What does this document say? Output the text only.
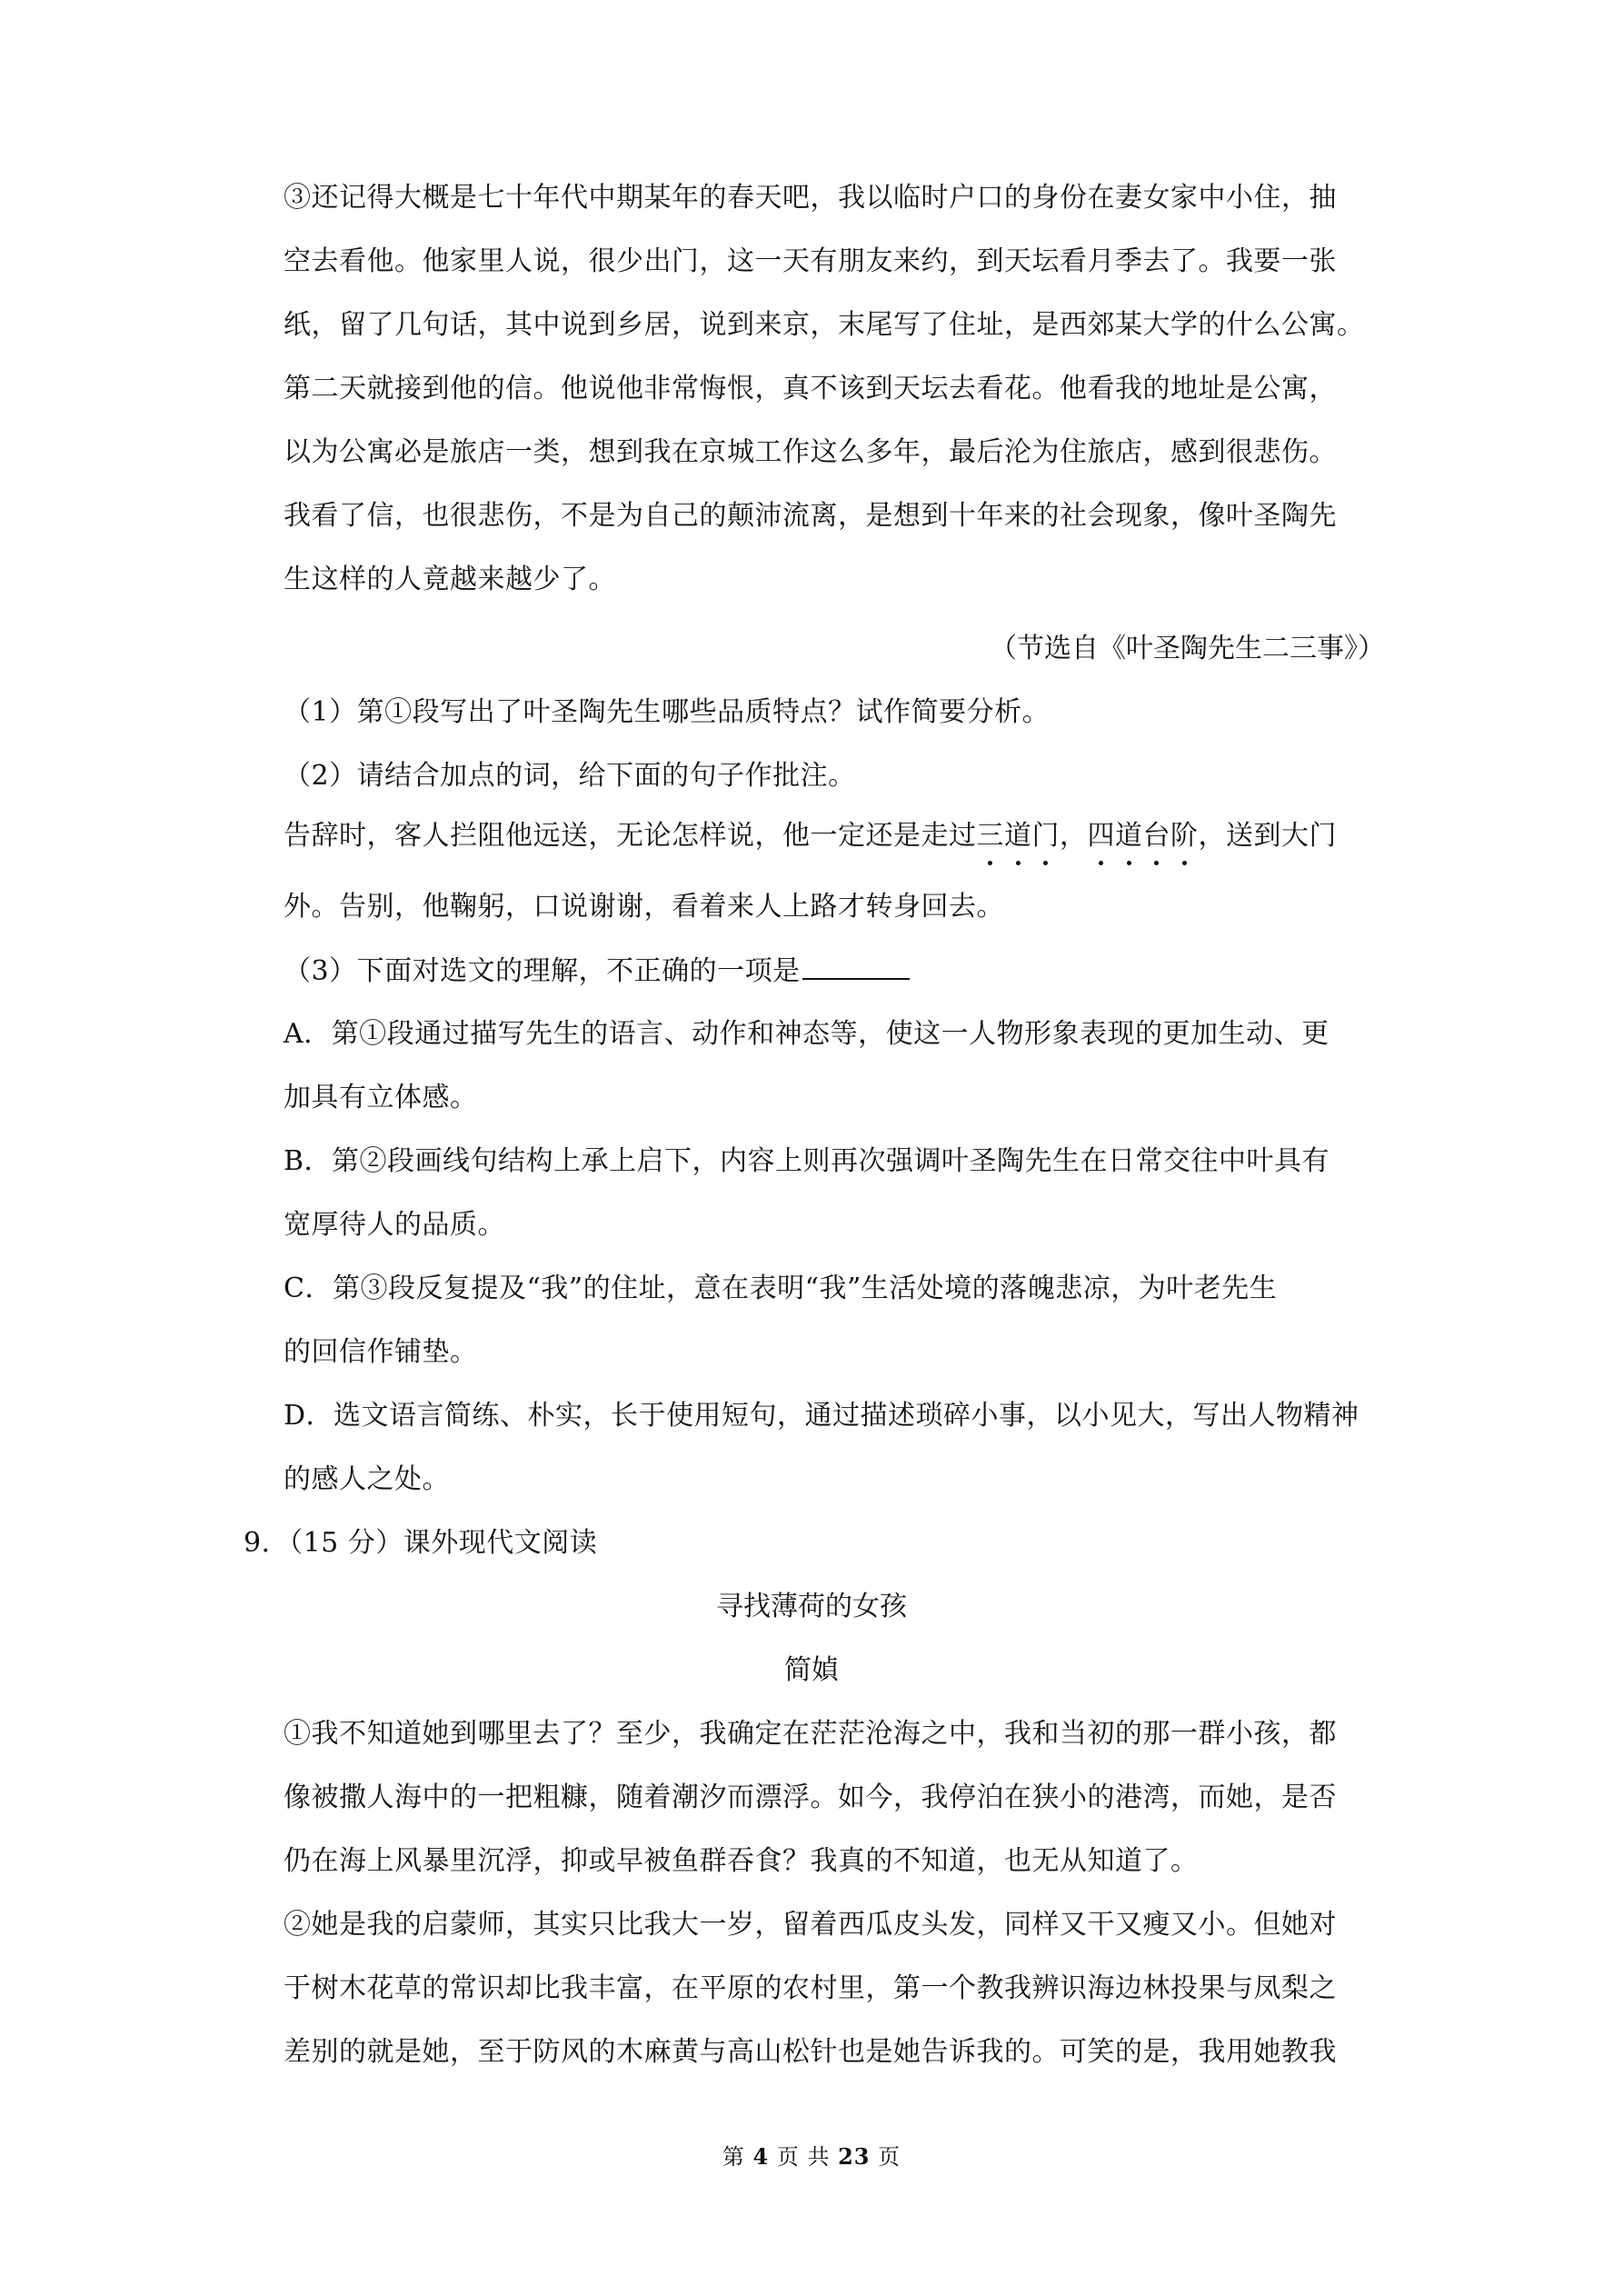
③还记得大概是七十年代中期某年的春天吧，我以临时户口的身份在妻女家中小住，抽
空去看他。他家里人说，很少出门，这一天有朋友来约，到天坛看月季去了。我要一张
纸，留了几句话，其中说到乡居，说到来京，末尾写了住址，是西郊某大学的什么公寓。
第二天就接到他的信。他说他非常悔恨，真不该到天坛去看花。他看我的地址是公寓，
以为公寓必是旅店一类，想到我在京城工作这么多年，最后沦为住旅店，感到很悲伤。
我看了信，也很悲伤，不是为自己的颠沛流离，是想到十年来的社会现象，像叶圣陶先
生这样的人竟越来越少了。
（节选自《叶圣陶先生二三事》）
（1）第①段写出了叶圣陶先生哪些品质特点？试作简要分析。
（2）请结合加点的词，给下面的句子作批注。
告辞时，客人拦阻他远送，无论怎样说，他一定还是走过三道门，四道台阶，送到大门
外。告别，他鞠躬，口说谢谢，看着来人上路才转身回去。
（3）下面对选文的理解，不正确的一项是
A．第①段通过描写先生的语言、动作和神态等，使这一人物形象表现的更加生动、更
加具有立体感。
B．第②段画线句结构上承上启下，内容上则再次强调叶圣陶先生在日常交往中叶具有
宽厚待人的品质。
C．第③段反复提及“我”的住址，意在表明“我”生活处境的落魄悲凉，为叶老先生
的回信作铺垫。
D．选文语言简练、朴实，长于使用短句，通过描述琐碎小事，以小见大，写出人物精神
的感人之处。
9．（15 分）课外现代文阅读
寻找薄荷的女孩
简媜
①我不知道她到哪里去了？至少，我确定在茫茫沧海之中，我和当初的那一群小孩，都
像被撒人海中的一把粗糠，随着潮汐而漂浮。如今，我停泊在狭小的港湾，而她，是否
仍在海上风暴里沉浮，抑或早被鱼群吞食？我真的不知道，也无从知道了。
②她是我的启蒙师，其实只比我大一岁，留着西瓜皮头发，同样又干又瘦又小。但她对
于树木花草的常识却比我丰富，在平原的农村里，第一个教我辨识海边林投果与凤梨之
差别的就是她，至于防风的木麻黄与高山松针也是她告诉我的。可笑的是，我用她教我
第 4 页 共 23 页
